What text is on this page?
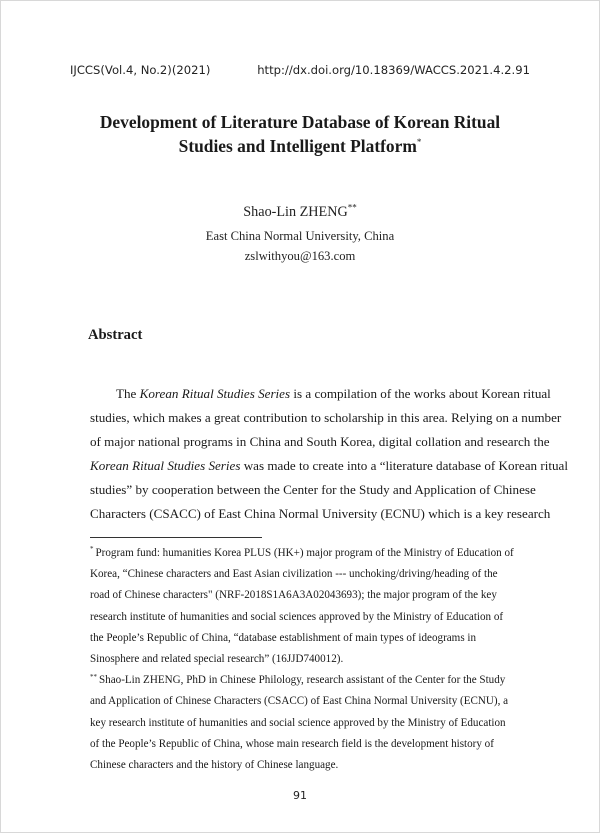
IJCCS(Vol.4, No.2)(2021)	http://dx.doi.org/10.18369/WACCS.2021.4.2.91
Development of Literature Database of Korean Ritual
Studies and Intelligent Platform*
Shao-Lin ZHENG**
East China Normal University, China
zslwithyou@163.com
Abstract
The Korean Ritual Studies Series is a compilation of the works about Korean ritual
studies, which makes a great contribution to scholarship in this area. Relying on a number
of major national programs in China and South Korea, digital collation and research the
Korean Ritual Studies Series was made to create into a “literature database of Korean ritual
studies” by cooperation between the Center for the Study and Application of Chinese
Characters (CSACC) of East China Normal University (ECNU) which is a key research
* Program fund: humanities Korea PLUS (HK+) major program of the Ministry of Education of
Korea, “Chinese characters and East Asian civilization --- unchoking/driving/heading of the
road of Chinese characters" (NRF-2018S1A6A3A02043693); the major program of the key
research institute of humanities and social sciences approved by the Ministry of Education of
the People’s Republic of China, “database establishment of main types of ideograms in
Sinosphere and related special research” (16JJD740012).
** Shao-Lin ZHENG, PhD in Chinese Philology, research assistant of the Center for the Study
and Application of Chinese Characters (CSACC) of East China Normal University (ECNU), a
key research institute of humanities and social science approved by the Ministry of Education
of the People’s Republic of China, whose main research field is the development history of
Chinese characters and the history of Chinese language.
91
